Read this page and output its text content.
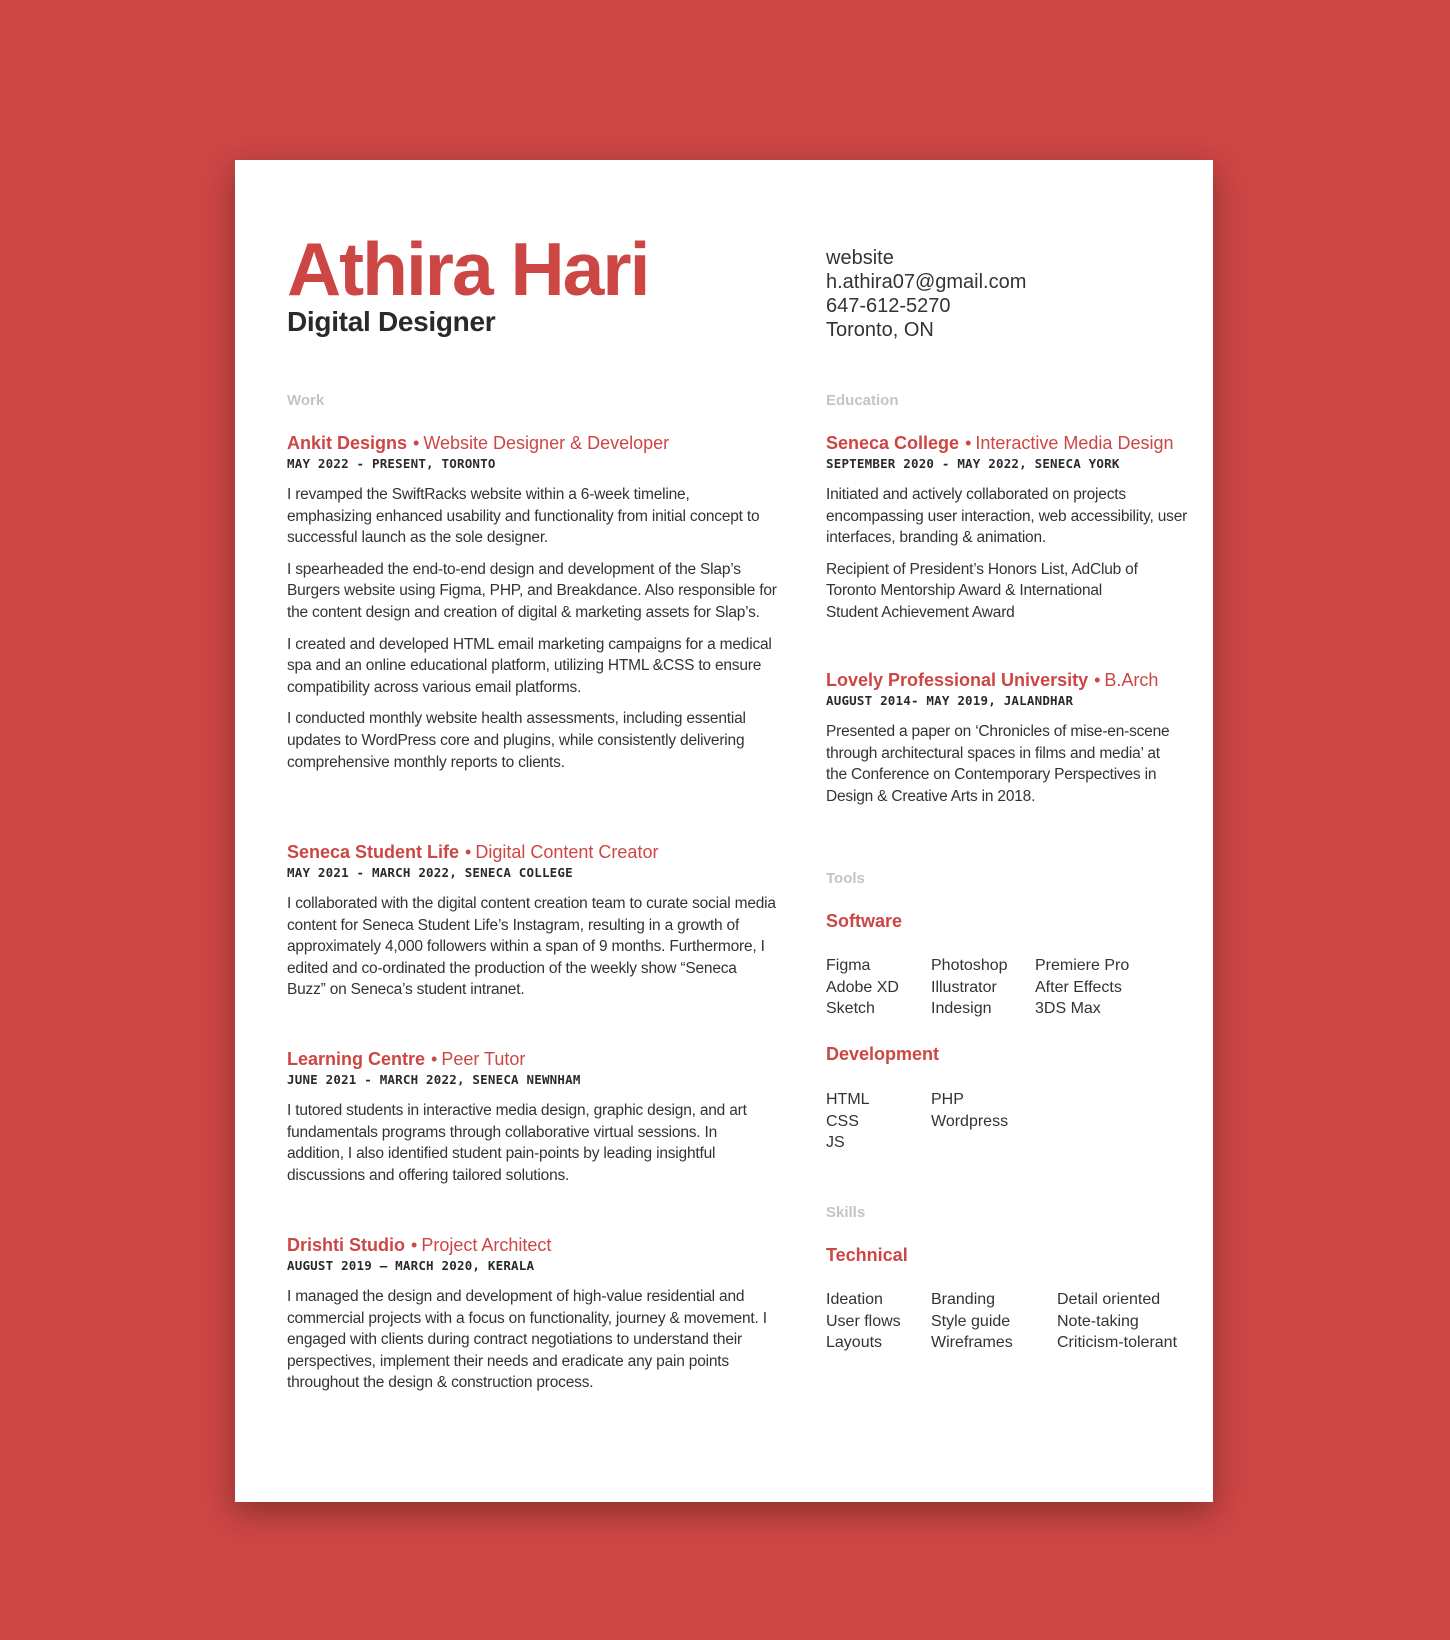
Athira Hari
Digital Designer
Work
Ankit Designs • Website Designer & Developer
MAY 2022 - PRESENT, TORONTO

I revamped the SwiftRacks website within a 6-week timeline, emphasizing enhanced usability and functionality from initial concept to successful launch as the sole designer.

I spearheaded the end-to-end design and development of the Slap’s Burgers website using Figma, PHP, and Breakdance. Also responsible for the content design and creation of digital & marketing assets for Slap’s.

I created and developed HTML email marketing campaigns for a medical spa and an online educational platform, utilizing HTML &CSS to ensure compatibility across various email platforms.

I conducted monthly website health assessments, including essential updates to WordPress core and plugins, while consistently delivering comprehensive monthly reports to clients.

Seneca Student Life • Digital Content Creator
MAY 2021 - MARCH 2022, SENECA COLLEGE

I collaborated with the digital content creation team to curate social media content for Seneca Student Life’s Instagram, resulting in a growth of approximately 4,000 followers within a span of 9 months. Furthermore, I edited and co-ordinated the production of the weekly show “Seneca Buzz” on Seneca’s student intranet.

Learning Centre • Peer Tutor
JUNE 2021 - MARCH 2022, SENECA NEWNHAM

I tutored students in interactive media design, graphic design, and art fundamentals programs through collaborative virtual sessions. In addition, I also identified student pain-points by leading insightful discussions and offering tailored solutions.

Drishti Studio • Project Architect
AUGUST 2019 – MARCH 2020, KERALA

I managed the design and development of high-value residential and commercial projects with a focus on functionality, journey & movement. I engaged with clients during contract negotiations to understand their perspectives, implement their needs and eradicate any pain points throughout the design & construction process.

website
h.athira07@gmail.com
647-612-5270
Toronto, ON
Education
Seneca College • Interactive Media Design
SEPTEMBER 2020 - MAY 2022, SENECA YORK

Initiated and actively collaborated on projects encompassing user interaction, web accessibility, user interfaces, branding & animation.

Recipient of President’s Honors List, AdClub of Toronto Mentorship Award & International Student Achievement Award

Lovely Professional University • B.Arch
AUGUST 2014- MAY 2019, JALANDHAR

Presented a paper on ‘Chronicles of mise-en-scene through architectural spaces in films and media’ at the Conference on Contemporary Perspectives in Design & Creative Arts in 2018.

Tools
Software
Figma
Adobe XD
Sketch
Photoshop
Illustrator
Indesign
Premiere Pro
After Effects
3DS Max
Development
HTML
CSS
JS
PHP
Wordpress
Skills
Technical
Ideation
User flows
Layouts
Branding
Style guide
Wireframes
Detail oriented
Note-taking
Criticism-tolerant
